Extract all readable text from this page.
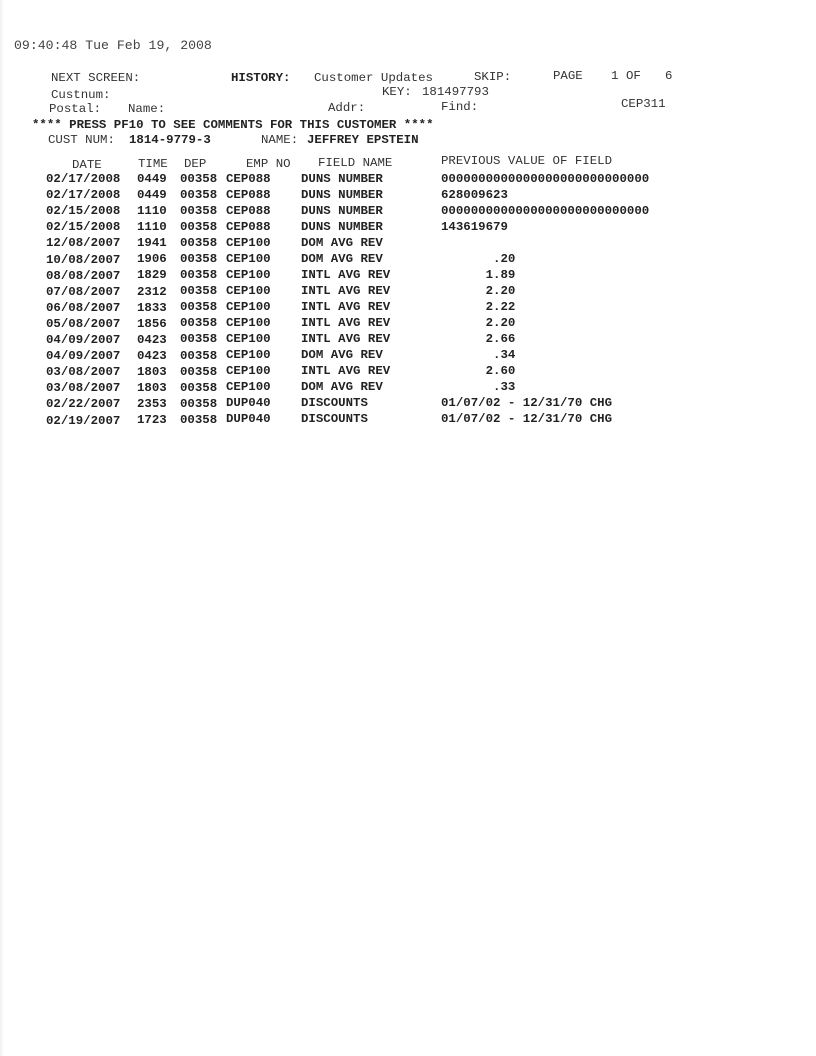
09:40:48 Tue Feb 19, 2008
NEXT SCREEN:	HISTORY: Customer Updates	SKIP:	PAGE 1 OF 6
Custnum:	KEY: 181497793
Postal: Name:	Addr:	Find:	CEP311
**** PRESS PF10 TO SEE COMMENTS FOR THIS CUSTOMER ****
CUST NUM: 1814-9779-3	NAME: JEFFREY EPSTEIN
DATE	TIME DEP	EMP NO FIELD NAME	PREVIOUS VALUE OF FIELD
02/17/2008 0449 00358 CEP088 DUNS NUMBER	0000000000000000000000000000
02/17/2008 0449 00358 CEP088 DUNS NUMBER	628009623
02/15/2008 1110 00358 CEP088 DUNS NUMBER	0000000000000000000000000000
02/15/2008 1110 00358 CEP088 DUNS NUMBER	143619679
12/08/2007 1941 00358 CEP100 DOM AVG REV
10/08/2007 1906 00358 CEP100 DOM AVG REV	.20
08/08/2007 1829 00358 CEP100 INTL AVG REV	1.89
07/08/2007 2312 00358 CEP100 INTL AVG REV	2.20
06/08/2007 1833 00358 CEP100 INTL AVG REV	2.22
05/08/2007 1856 00358 CEP100 INTL AVG REV	2.20
04/09/2007 0423 00358 CEP100 INTL AVG REV	2.66
04/09/2007 0423 00358 CEP100 DOM AVG REV	.34
03/08/2007 1803 00358 CEP100 INTL AVG REV	2.60
03/08/2007 1803 00358 CEP100 DOM AVG REV	.33
02/22/2007 2353 00358 DUP040 DISCOUNTS	01/07/02 - 12/31/70 CHG
02/19/2007 1723 00358 DUP040 DISCOUNTS	01/07/02 - 12/31/70 CHG
